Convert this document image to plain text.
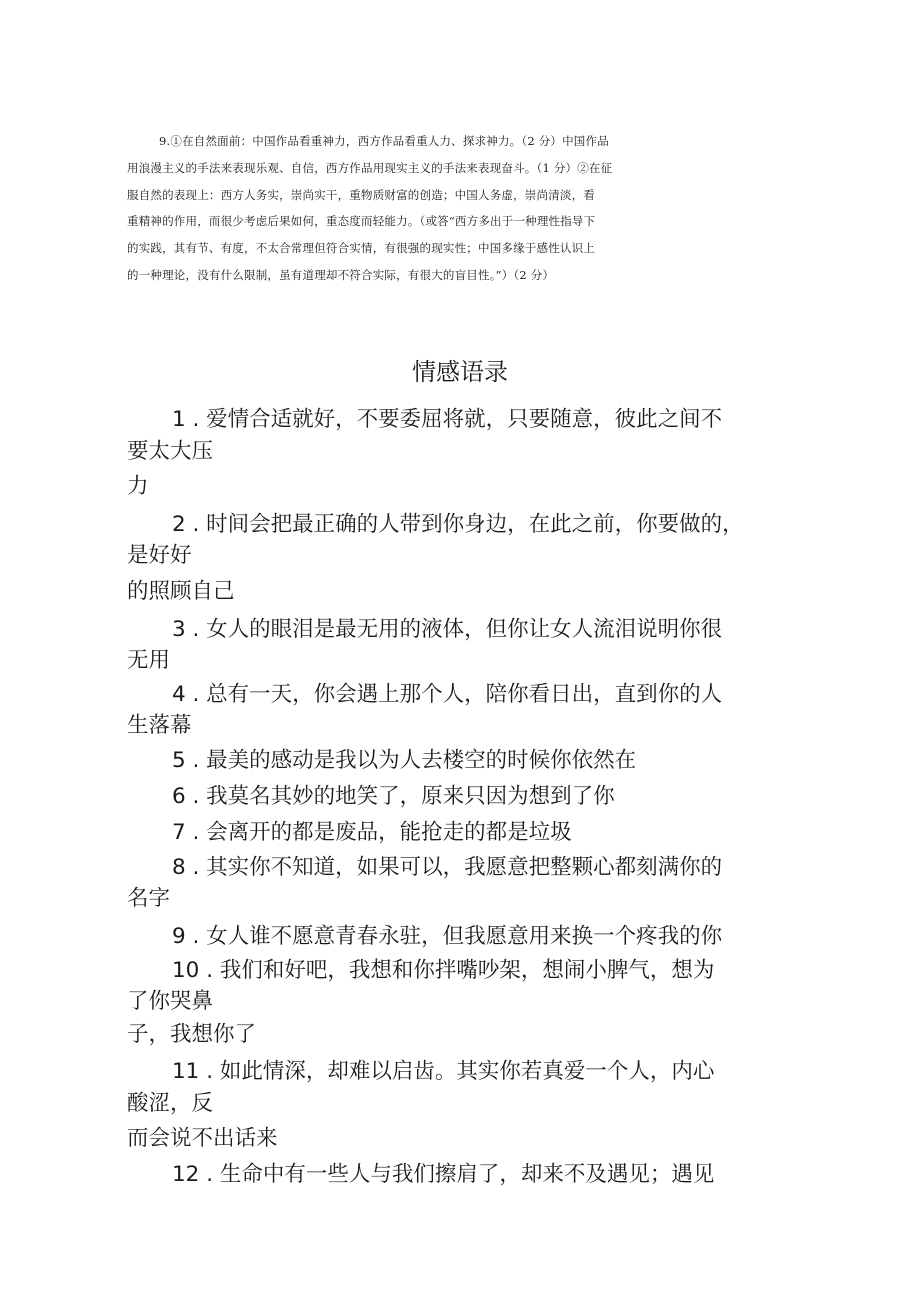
9.①在自然面前：中国作品看重神力，西方作品看重人力、探求神力。（2 分）中国作品
用浪漫主义的手法来表现乐观、自信，西方作品用现实主义的手法来表现奋斗。（1 分）②在征
服自然的表现上：西方人务实，崇尚实干，重物质财富的创造；中国人务虚，崇尚清淡，看
重精神的作用，而很少考虑后果如何，重态度而轻能力。（或答“西方多出于一种理性指导下
的实践，其有节、有度，不太合常理但符合实情，有很强的现实性；中国多缘于感性认识上
的一种理论，没有什么限制，虽有道理却不符合实际，有很大的盲目性。”）（2 分）
情感语录
1 . 爱情合适就好，不要委屈将就，只要随意，彼此之间不
要太大压
力
2 . 时间会把最正确的人带到你身边，在此之前，你要做的，
是好好
的照顾自己
3 . 女人的眼泪是最无用的液体，但你让女人流泪说明你很
无用
4 . 总有一天，你会遇上那个人，陪你看日出，直到你的人
生落幕
5 . 最美的感动是我以为人去楼空的时候你依然在
6 . 我莫名其妙的地笑了，原来只因为想到了你
7 . 会离开的都是废品，能抢走的都是垃圾
8 . 其实你不知道，如果可以，我愿意把整颗心都刻满你的
名字
9 . 女人谁不愿意青春永驻，但我愿意用来换一个疼我的你
10 . 我们和好吧，我想和你拌嘴吵架，想闹小脾气，想为
了你哭鼻
子，我想你了
11 . 如此情深，却难以启齿。其实你若真爱一个人，内心
酸涩，反
而会说不出话来
12 . 生命中有一些人与我们擦肩了，却来不及遇见；遇见
